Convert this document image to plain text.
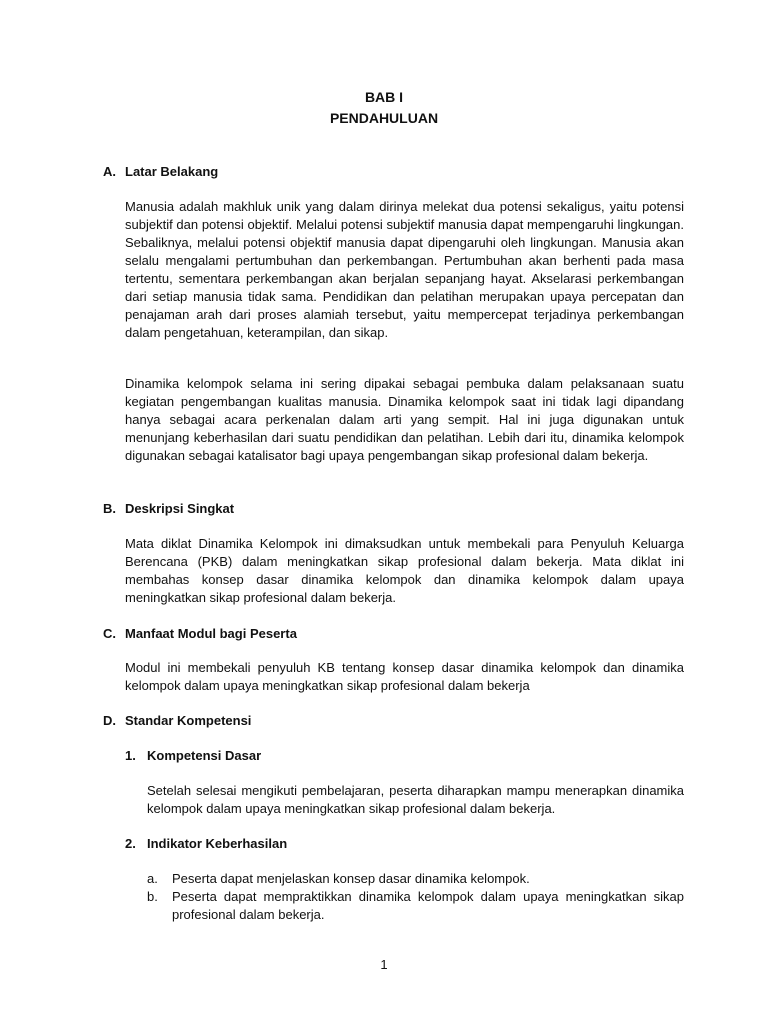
BAB I
PENDAHULUAN
A. Latar Belakang

Manusia adalah makhluk unik yang dalam dirinya melekat dua potensi sekaligus, yaitu potensi subjektif dan potensi objektif. Melalui potensi subjektif manusia dapat mempengaruhi lingkungan. Sebaliknya, melalui potensi objektif manusia dapat dipengaruhi oleh lingkungan. Manusia akan selalu mengalami pertumbuhan dan perkembangan. Pertumbuhan akan berhenti pada masa tertentu, sementara perkembangan akan berjalan sepanjang hayat. Akselarasi perkembangan dari setiap manusia tidak sama. Pendidikan dan pelatihan merupakan upaya percepatan dan penajaman arah dari proses alamiah tersebut, yaitu mempercepat terjadinya perkembangan dalam pengetahuan, keterampilan, dan sikap.

Dinamika kelompok selama ini sering dipakai sebagai pembuka dalam pelaksanaan suatu kegiatan pengembangan kualitas manusia. Dinamika kelompok saat ini tidak lagi dipandang hanya sebagai acara perkenalan dalam arti yang sempit. Hal ini juga digunakan untuk menunjang keberhasilan dari suatu pendidikan dan pelatihan. Lebih dari itu, dinamika kelompok digunakan sebagai katalisator bagi upaya pengembangan sikap profesional dalam bekerja.

B. Deskripsi Singkat

Mata diklat Dinamika Kelompok ini dimaksudkan untuk membekali para Penyuluh Keluarga Berencana (PKB) dalam meningkatkan sikap profesional dalam bekerja. Mata diklat ini membahas konsep dasar dinamika kelompok dan dinamika kelompok dalam upaya meningkatkan sikap profesional dalam bekerja.

C. Manfaat Modul bagi Peserta

Modul ini membekali penyuluh KB tentang konsep dasar dinamika kelompok dan dinamika kelompok dalam upaya meningkatkan sikap profesional dalam bekerja

D. Standar Kompetensi
1. Kompetensi Dasar

Setelah selesai mengikuti pembelajaran, peserta diharapkan mampu menerapkan dinamika kelompok dalam upaya meningkatkan sikap profesional dalam bekerja.

2. Indikator Keberhasilan
a.	Peserta dapat menjelaskan konsep dasar dinamika kelompok.
b.	Peserta dapat mempraktikkan dinamika kelompok dalam upaya meningkatkan sikap profesional dalam bekerja.
1
